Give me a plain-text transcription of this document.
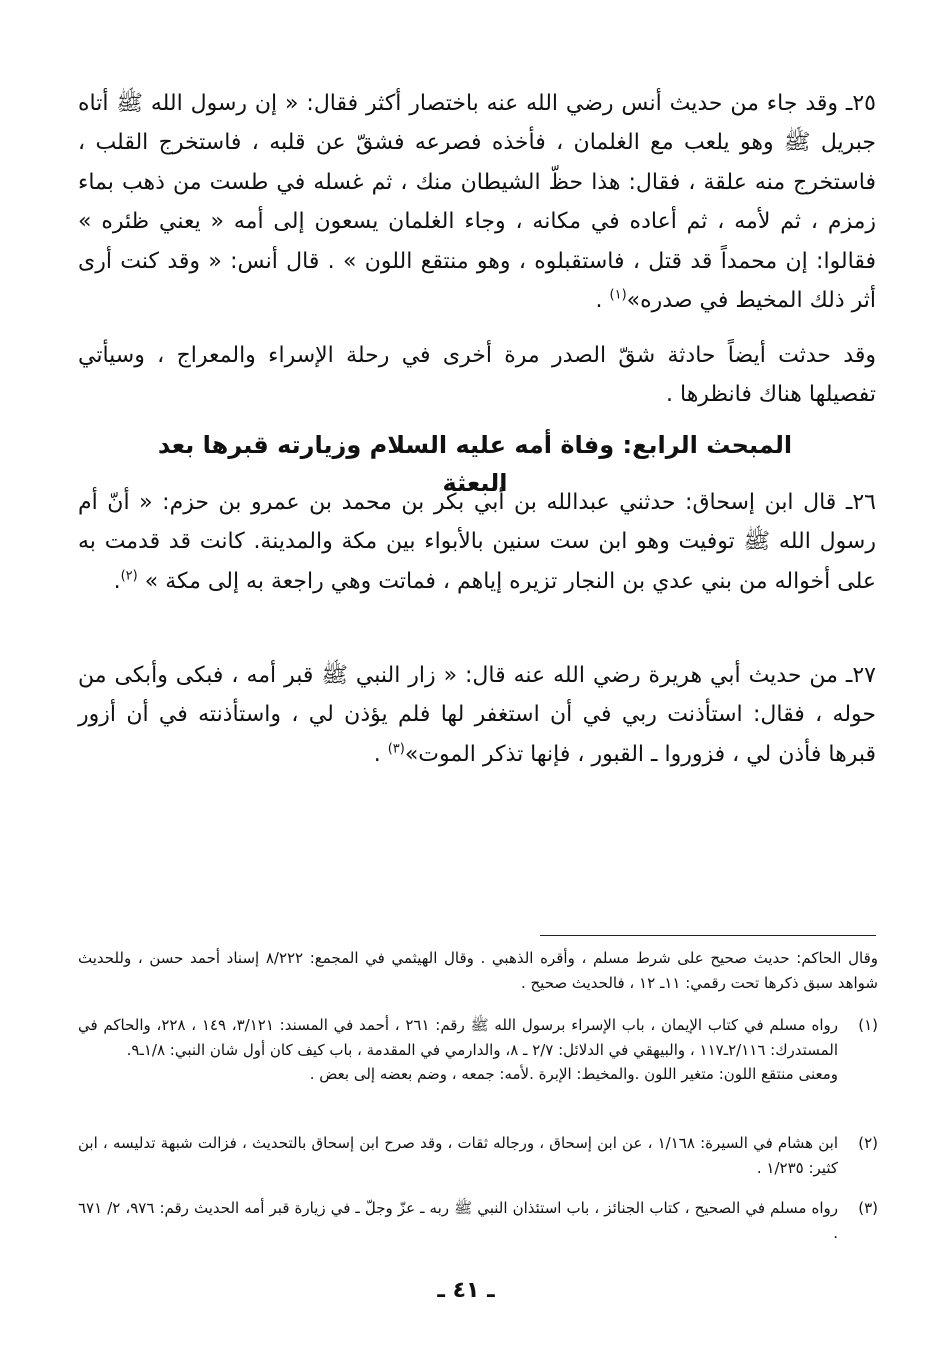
٢٥ـ وقد جاء من حديث أنس رضي الله عنه باختصار أكثر فقال: « إن رسول الله ﷺ أتاه جبريل ﷺ وهو يلعب مع الغلمان ، فأخذه فصرعه فشقّ عن قلبه ، فاستخرج القلب ، فاستخرج منه علقة ، فقال: هذا حظّ الشيطان منك ، ثم غسله في طست من ذهب بماء زمزم ، ثم لأمه ، ثم أعاده في مكانه ، وجاء الغلمان يسعون إلى أمه « يعني ظئره » فقالوا: إن محمداً قد قتل ، فاستقبلوه ، وهو منتقع اللون » . قال أنس: « وقد كنت أرى أثر ذلك المخيط في صدره»$^{(١)}$ .

وقد حدثت أيضاً حادثة شقّ الصدر مرة أخرى في رحلة الإسراء والمعراج ، وسيأتي تفصيلها هناك فانظرها .

المبحث الرابع: وفاة أمه عليه السلام وزيارته قبرها بعد البعثة

٢٦ـ قال ابن إسحاق: حدثني عبدالله بن أبي بكر بن محمد بن عمرو بن حزم: « أنّ أم رسول الله ﷺ توفيت وهو ابن ست سنين بالأبواء بين مكة والمدينة. كانت قد قدمت به على أخواله من بني عدي بن النجار تزيره إياهم ، فماتت وهي راجعة به إلى مكة » $^{(٢)}$.

٢٧ـ من حديث أبي هريرة رضي الله عنه قال: « زار النبي ﷺ قبر أمه ، فبكى وأبكى من حوله ، فقال: استأذنت ربي في أن استغفر لها فلم يؤذن لي ، واستأذنته في أن أزور قبرها فأذن لي ، فزوروا ـ القبور ، فإنها تذكر الموت»$^{(٣)}$ .

وقال الحاكم: حديث صحيح على شرط مسلم ، وأقره الذهبي . وقال الهيثمي في المجمع: ٨/٢٢٢ إسناد أحمد حسن ، وللحديث شواهد سبق ذكرها تحت رقمي: ١١ـ ١٢ ، فالحديث صحيح .
(١)
رواه مسلم في كتاب الإيمان ، باب الإسراء برسول الله ﷺ رقم: ٢٦١ ، أحمد في المسند: ٣/١٢١، ١٤٩ ، ٢٢٨، والحاكم في المستدرك: ٢/١١٦ـ١١٧ ، والبيهقي في الدلائل: ٢/٧ ـ ٨، والدارمي في المقدمة ، باب كيف كان أول شان النبي: ١/٨ـ٩.
ومعنى منتقع اللون: متغير اللون .والمخيط: الإبرة .لأمه: جمعه ، وضم بعضه إلى بعض .
(٢)
ابن هشام في السيرة: ١/١٦٨ ، عن ابن إسحاق ، ورجاله ثقات ، وقد صرح ابن إسحاق بالتحديث ، فزالت شبهة تدليسه ، ابن كثير: ١/٢٣٥ .
(٣)
رواه مسلم في الصحيح ، كتاب الجنائز ، باب استئذان النبي ﷺ ربه ـ عزّ وجلّ ـ في زيارة قبر أمه الحديث رقم: ٩٧٦، ٢/ ٦٧١ .
ـ ٤١ ـ
